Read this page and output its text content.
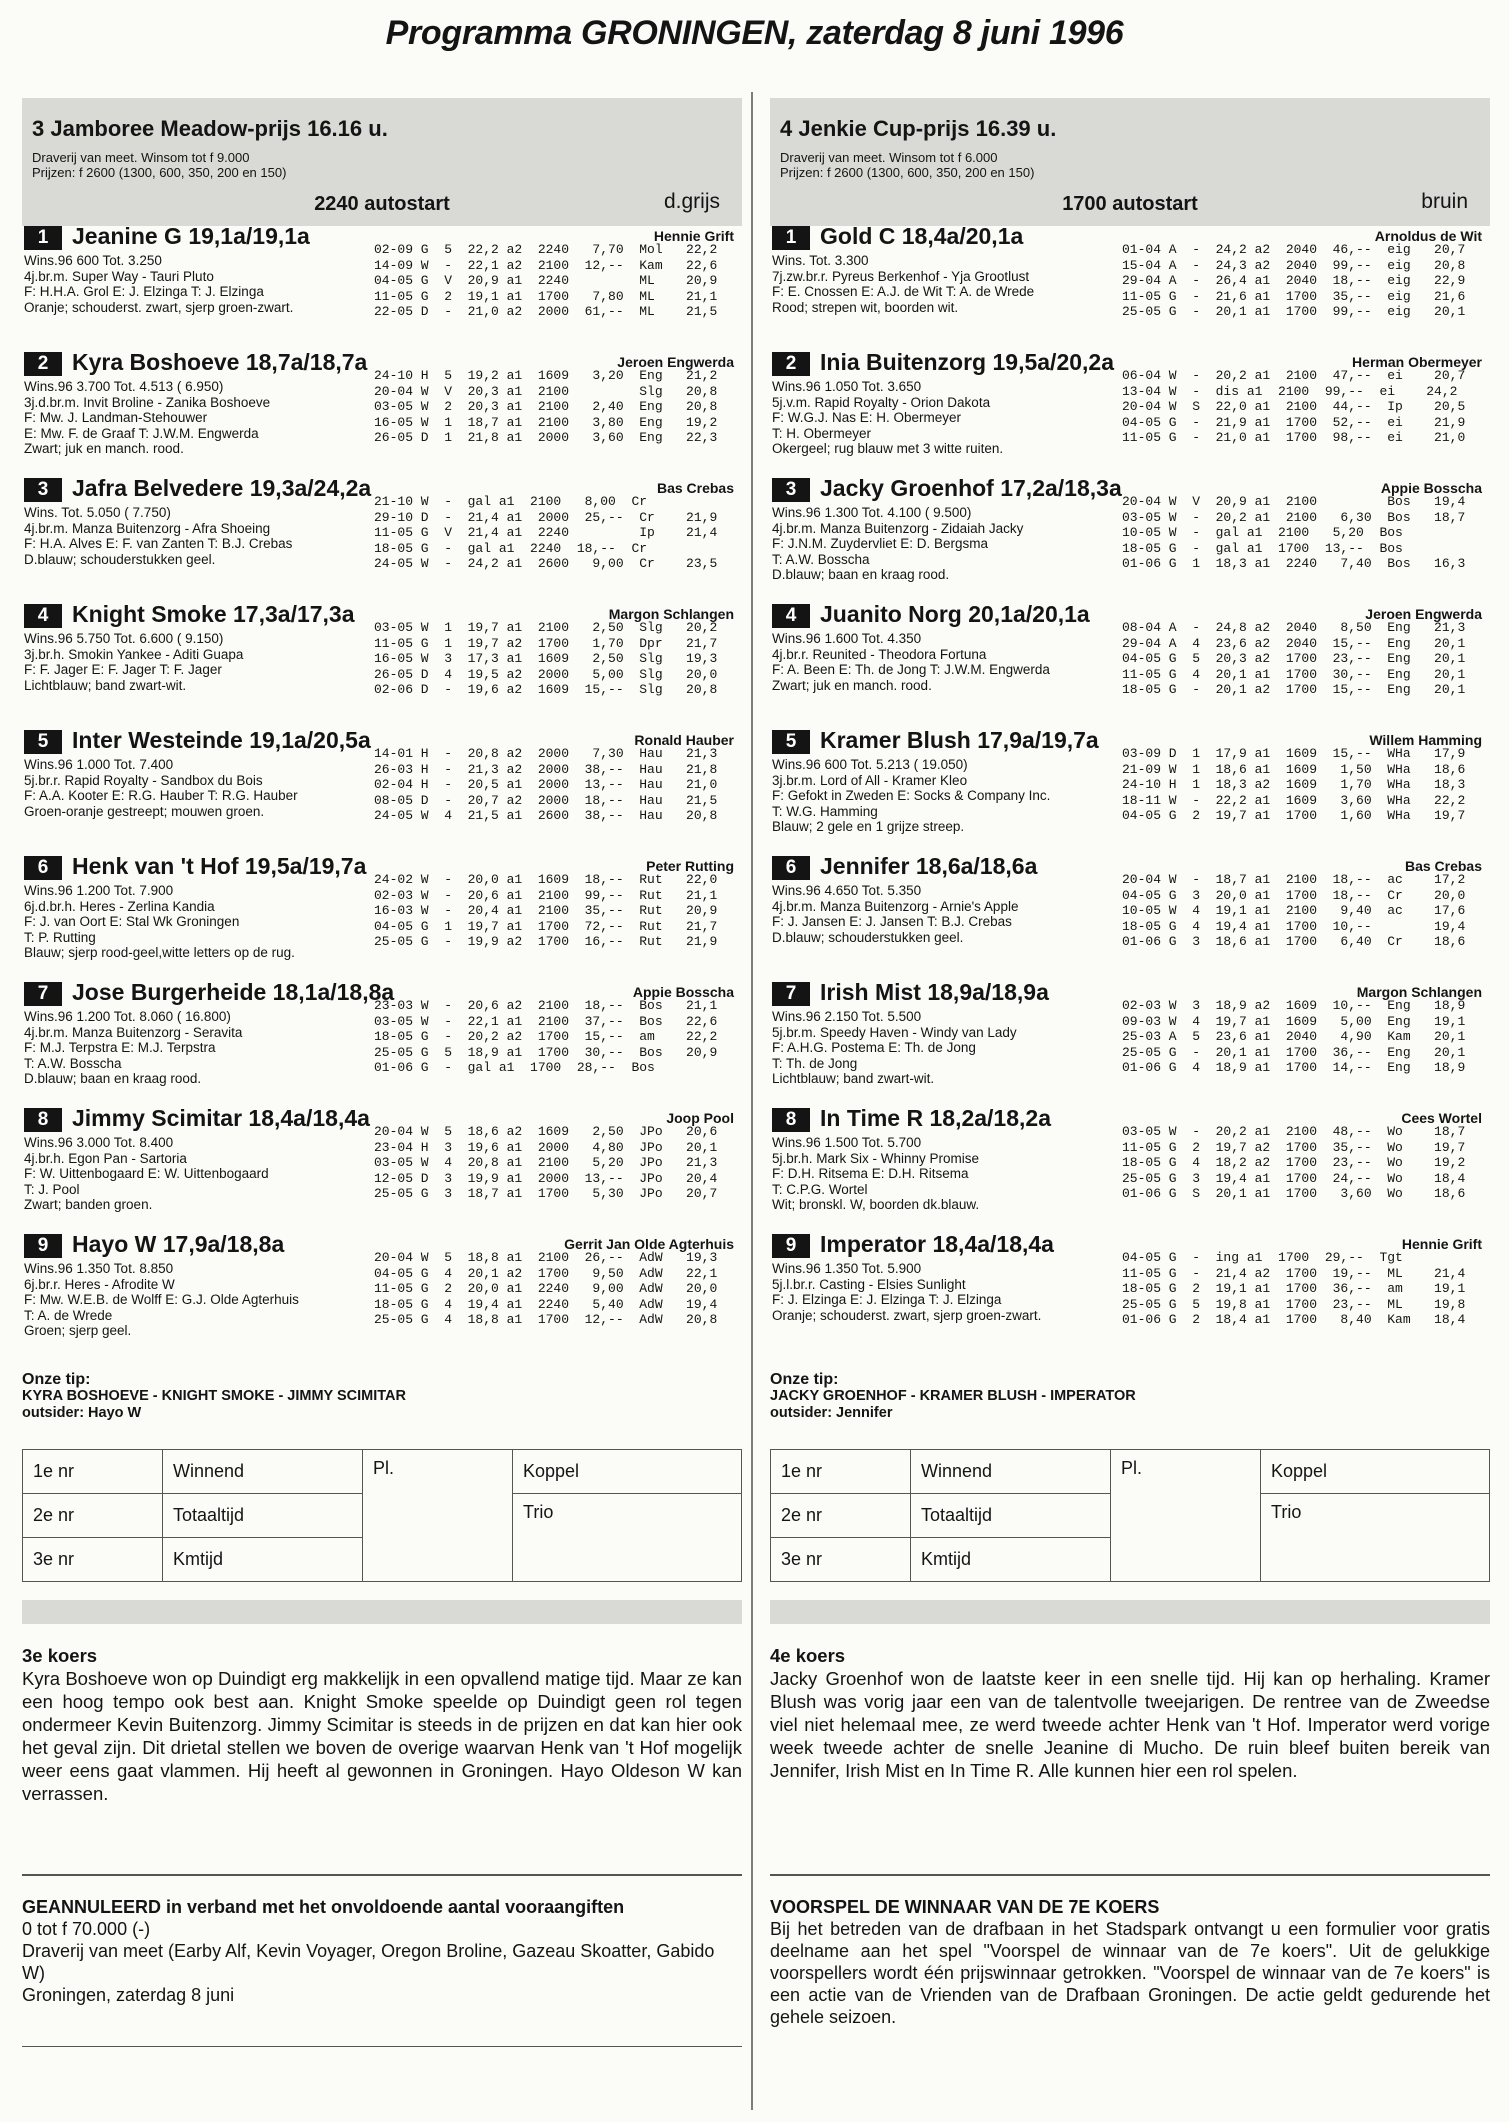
Programma GRONINGEN, zaterdag 8 juni 1996
3 Jamboree Meadow-prijs 16.16 u.
Draverij van meet. Winsom tot f 9.000
Prijzen: f 2600 (1300, 600, 350, 200 en 150)
2240 autostart	d.grijs
1	Jeanine G 19,1a/19,1a	Hennie Grift
Wins.96 600 Tot. 3.250
4j.br.m. Super Way - Tauri Pluto
F: H.H.A. Grol E: J. Elzinga T: J. Elzinga
Oranje; schouderst. zwart, sjerp groen-zwart.
02-09 G  5  22,2 a2  2240   7,70  Mol   22,2
14-09 W  -  22,1 a2  2100  12,--  Kam   22,6
04-05 G  V  20,9 a1  2240         ML    20,9
11-05 G  2  19,1 a1  1700   7,80  ML    21,1
22-05 D  -  21,0 a2  2000  61,--  ML    21,5
2	Kyra Boshoeve 18,7a/18,7a	Jeroen Engwerda
Wins.96 3.700 Tot. 4.513 ( 6.950)
3j.d.br.m. Invit Broline - Zanika Boshoeve
F: Mw. J. Landman-Stehouwer
E: Mw. F. de Graaf T: J.W.M. Engwerda
Zwart; juk en manch. rood.
24-10 H  5  19,2 a1  1609   3,20  Eng   21,2
20-04 W  V  20,3 a1  2100         Slg   20,8
03-05 W  2  20,3 a1  2100   2,40  Eng   20,8
16-05 W  1  18,7 a1  2100   3,80  Eng   19,2
26-05 D  1  21,8 a1  2000   3,60  Eng   22,3
3	Jafra Belvedere 19,3a/24,2a	Bas Crebas
Wins. Tot. 5.050 ( 7.750)
4j.br.m. Manza Buitenzorg - Afra Shoeing
F: H.A. Alves E: F. van Zanten T: B.J. Crebas
D.blauw; schouderstukken geel.
21-10 W  -  gal a1  2100   8,00  Cr
29-10 D  -  21,4 a1  2000  25,--  Cr    21,9
11-05 G  V  21,4 a1  2240         Ip    21,4
18-05 G  -  gal a1  2240  18,--  Cr
24-05 W  -  24,2 a1  2600   9,00  Cr    23,5
4	Knight Smoke 17,3a/17,3a	Margon Schlangen
Wins.96 5.750 Tot. 6.600 ( 9.150)
3j.br.h. Smokin Yankee - Aditi Guapa
F: F. Jager E: F. Jager T: F. Jager
Lichtblauw; band zwart-wit.
03-05 W  1  19,7 a1  2100   2,50  Slg   20,2
11-05 G  1  19,7 a2  1700   1,70  Dpr   21,7
16-05 W  3  17,3 a1  1609   2,50  Slg   19,3
26-05 D  4  19,5 a2  2000   5,00  Slg   20,0
02-06 D  -  19,6 a2  1609  15,--  Slg   20,8
5	Inter Westeinde 19,1a/20,5a	Ronald Hauber
Wins.96 1.000 Tot. 7.400
5j.br.r. Rapid Royalty - Sandbox du Bois
F: A.A. Kooter E: R.G. Hauber T: R.G. Hauber
Groen-oranje gestreept; mouwen groen.
14-01 H  -  20,8 a2  2000   7,30  Hau   21,3
26-03 H  -  21,3 a2  2000  38,--  Hau   21,8
02-04 H  -  20,5 a1  2000  13,--  Hau   21,0
08-05 D  -  20,7 a2  2000  18,--  Hau   21,5
24-05 W  4  21,5 a1  2600  38,--  Hau   20,8
6	Henk van 't Hof 19,5a/19,7a	Peter Rutting
Wins.96 1.200 Tot. 7.900
6j.d.br.h. Heres - Zerlina Kandia
F: J. van Oort E: Stal Wk Groningen
T: P. Rutting
Blauw; sjerp rood-geel,witte letters op de rug.
24-02 W  -  20,0 a1  1609  18,--  Rut   22,0
02-03 W  -  20,6 a1  2100  99,--  Rut   21,1
16-03 W  -  20,4 a1  2100  35,--  Rut   20,9
04-05 G  1  19,7 a1  1700  72,--  Rut   21,7
25-05 G  -  19,9 a2  1700  16,--  Rut   21,9
7	Jose Burgerheide 18,1a/18,8a	Appie Bosscha
Wins.96 1.200 Tot. 8.060 ( 16.800)
4j.br.m. Manza Buitenzorg - Seravita
F: M.J. Terpstra E: M.J. Terpstra
T: A.W. Bosscha
D.blauw; baan en kraag rood.
23-03 W  -  20,6 a2  2100  18,--  Bos   21,1
03-05 W  -  22,1 a1  2100  37,--  Bos   22,6
18-05 G  -  20,2 a2  1700  15,--  am    22,2
25-05 G  5  18,9 a1  1700  30,--  Bos   20,9
01-06 G  -  gal a1  1700  28,--  Bos
8	Jimmy Scimitar 18,4a/18,4a	Joop Pool
Wins.96 3.000 Tot. 8.400
4j.br.h. Egon Pan - Sartoria
F: W. Uittenbogaard E: W. Uittenbogaard
T: J. Pool
Zwart; banden groen.
20-04 W  5  18,6 a2  1609   2,50  JPo   20,6
23-04 H  3  19,6 a1  2000   4,80  JPo   20,1
03-05 W  4  20,8 a1  2100   5,20  JPo   21,3
12-05 D  3  19,9 a1  2000  13,--  JPo   20,4
25-05 G  3  18,7 a1  1700   5,30  JPo   20,7
9	Hayo W 17,9a/18,8a	Gerrit Jan Olde Agterhuis
Wins.96 1.350 Tot. 8.850
6j.br.r. Heres - Afrodite W
F: Mw. W.E.B. de Wolff E: G.J. Olde Agterhuis
T: A. de Wrede
Groen; sjerp geel.
20-04 W  5  18,8 a1  2100  26,--  AdW   19,3
04-05 G  4  20,1 a2  1700   9,50  AdW   22,1
11-05 G  2  20,0 a1  2240   9,00  AdW   20,0
18-05 G  4  19,4 a1  2240   5,40  AdW   19,4
25-05 G  4  18,8 a1  1700  12,--  AdW   20,8
Onze tip:
KYRA BOSHOEVE - KNIGHT SMOKE - JIMMY SCIMITAR
outsider: Hayo W
1e nr	Winnend	Pl.	Koppel
2e nr	Totaaltijd		Trio
3e nr	Kmtijd		
3e koers

Kyra Boshoeve won op Duindigt erg makkelijk in een opvallend matige tijd. Maar ze kan een hoog tempo ook best aan. Knight Smoke speelde op Duindigt geen rol tegen ondermeer Kevin Buitenzorg. Jimmy Scimitar is steeds in de prijzen en dat kan hier ook het geval zijn. Dit drietal stellen we boven de overige waarvan Henk van 't Hof mogelijk weer eens gaat vlammen. Hij heeft al gewonnen in Groningen. Hayo Oldeson W kan verrassen.

GEANNULEERD in verband met het onvoldoende aantal vooraangiften
0 tot f 70.000 (-)
Draverij van meet (Earby Alf, Kevin Voyager, Oregon Broline, Gazeau Skoatter, Gabido W)
Groningen, zaterdag 8 juni
4 Jenkie Cup-prijs 16.39 u.
Draverij van meet. Winsom tot f 6.000
Prijzen: f 2600 (1300, 600, 350, 200 en 150)
1700 autostart	bruin
1	Gold C 18,4a/20,1a	Arnoldus de Wit
Wins. Tot. 3.300
7j.zw.br.r. Pyreus Berkenhof - Yja Grootlust
F: E. Cnossen E: A.J. de Wit T: A. de Wrede
Rood; strepen wit, boorden wit.
01-04 A  -  24,2 a2  2040  46,--  eig   20,7
15-04 A  -  24,3 a2  2040  99,--  eig   20,8
29-04 A  -  26,4 a1  2040  18,--  eig   22,9
11-05 G  -  21,6 a1  1700  35,--  eig   21,6
25-05 G  -  20,1 a1  1700  99,--  eig   20,1
2	Inia Buitenzorg 19,5a/20,2a	Herman Obermeyer
Wins.96 1.050 Tot. 3.650
5j.v.m. Rapid Royalty - Orion Dakota
F: W.G.J. Nas E: H. Obermeyer
T: H. Obermeyer
Okergeel; rug blauw met 3 witte ruiten.
06-04 W  -  20,2 a1  2100  47,--  ei    20,7
13-04 W  -  dis a1  2100  99,--  ei    24,2
20-04 W  S  22,0 a1  2100  44,--  Ip    20,5
04-05 G  -  21,9 a1  1700  52,--  ei    21,9
11-05 G  -  21,0 a1  1700  98,--  ei    21,0
3	Jacky Groenhof 17,2a/18,3a	Appie Bosscha
Wins.96 1.300 Tot. 4.100 ( 9.500)
4j.br.m. Manza Buitenzorg - Zidaiah Jacky
F: J.N.M. Zuydervliet E: D. Bergsma
T: A.W. Bosscha
D.blauw; baan en kraag rood.
20-04 W  V  20,9 a1  2100         Bos   19,4
03-05 W  -  20,2 a1  2100   6,30  Bos   18,7
10-05 W  -  gal a1  2100   5,20  Bos
18-05 G  -  gal a1  1700  13,--  Bos
01-06 G  1  18,3 a1  2240   7,40  Bos   16,3
4	Juanito Norg 20,1a/20,1a	Jeroen Engwerda
Wins.96 1.600 Tot. 4.350
4j.br.r. Reunited - Theodora Fortuna
F: A. Been E: Th. de Jong T: J.W.M. Engwerda
Zwart; juk en manch. rood.
08-04 A  -  24,8 a2  2040   8,50  Eng   21,3
29-04 A  4  23,6 a2  2040  15,--  Eng   20,1
04-05 G  5  20,3 a2  1700  23,--  Eng   20,1
11-05 G  4  20,1 a1  1700  30,--  Eng   20,1
18-05 G  -  20,1 a2  1700  15,--  Eng   20,1
5	Kramer Blush 17,9a/19,7a	Willem Hamming
Wins.96 600 Tot. 5.213 ( 19.050)
3j.br.m. Lord of All - Kramer Kleo
F: Gefokt in Zweden E: Socks & Company Inc.
T: W.G. Hamming
Blauw; 2 gele en 1 grijze streep.
03-09 D  1  17,9 a1  1609  15,--  WHa   17,9
21-09 W  1  18,6 a1  1609   1,50  WHa   18,6
24-10 H  1  18,3 a2  1609   1,70  WHa   18,3
18-11 W  -  22,2 a1  1609   3,60  WHa   22,2
04-05 G  2  19,7 a1  1700   1,60  WHa   19,7
6	Jennifer 18,6a/18,6a	Bas Crebas
Wins.96 4.650 Tot. 5.350
4j.br.m. Manza Buitenzorg - Arnie's Apple
F: J. Jansen E: J. Jansen T: B.J. Crebas
D.blauw; schouderstukken geel.
20-04 W  -  18,7 a1  2100  18,--  ac    17,2
04-05 G  3  20,0 a1  1700  18,--  Cr    20,0
10-05 W  4  19,1 a1  2100   9,40  ac    17,6
18-05 G  4  19,4 a1  1700  10,--        19,4
01-06 G  3  18,6 a1  1700   6,40  Cr    18,6
7	Irish Mist 18,9a/18,9a	Margon Schlangen
Wins.96 2.150 Tot. 5.500
5j.br.m. Speedy Haven - Windy van Lady
F: A.H.G. Postema E: Th. de Jong
T: Th. de Jong
Lichtblauw; band zwart-wit.
02-03 W  3  18,9 a2  1609  10,--  Eng   18,9
09-03 W  4  19,7 a1  1609   5,00  Eng   19,1
25-03 A  5  23,6 a1  2040   4,90  Kam   20,1
25-05 G  -  20,1 a1  1700  36,--  Eng   20,1
01-06 G  4  18,9 a1  1700  14,--  Eng   18,9
8	In Time R 18,2a/18,2a	Cees Wortel
Wins.96 1.500 Tot. 5.700
5j.br.h. Mark Six - Whinny Promise
F: D.H. Ritsema E: D.H. Ritsema
T: C.P.G. Wortel
Wit; bronskl. W, boorden dk.blauw.
03-05 W  -  20,2 a1  2100  48,--  Wo    18,7
11-05 G  2  19,7 a2  1700  35,--  Wo    19,7
18-05 G  4  18,2 a2  1700  23,--  Wo    19,2
25-05 G  3  19,4 a1  1700  24,--  Wo    18,4
01-06 G  S  20,1 a1  1700   3,60  Wo    18,6
9	Imperator 18,4a/18,4a	Hennie Grift
Wins.96 1.350 Tot. 5.900
5j.l.br.r. Casting - Elsies Sunlight
F: J. Elzinga E: J. Elzinga T: J. Elzinga
Oranje; schouderst. zwart, sjerp groen-zwart.
04-05 G  -  ing a1  1700  29,--  Tgt
11-05 G  -  21,4 a2  1700  19,--  ML    21,4
18-05 G  2  19,1 a1  1700  36,--  am    19,1
25-05 G  5  19,8 a1  1700  23,--  ML    19,8
01-06 G  2  18,4 a1  1700   8,40  Kam   18,4
Onze tip:
JACKY GROENHOF - KRAMER BLUSH - IMPERATOR
outsider: Jennifer
1e nr	Winnend	Pl.	Koppel
2e nr	Totaaltijd		Trio
3e nr	Kmtijd		
4e koers

Jacky Groenhof won de laatste keer in een snelle tijd. Hij kan op herhaling. Kramer Blush was vorig jaar een van de talentvolle tweejarigen. De rentree van de Zweedse viel niet helemaal mee, ze werd tweede achter Henk van 't Hof. Imperator werd vorige week tweede achter de snelle Jeanine di Mucho. De ruin bleef buiten bereik van Jennifer, Irish Mist en In Time R. Alle kunnen hier een rol spelen.

VOORSPEL DE WINNAAR VAN DE 7E KOERS

Bij het betreden van de drafbaan in het Stadspark ontvangt u een formulier voor gratis deelname aan het spel "Voorspel de winnaar van de 7e koers". Uit de gelukkige voorspellers wordt één prijswinnaar getrokken. "Voorspel de winnaar van de 7e koers" is een actie van de Vrienden van de Drafbaan Groningen. De actie geldt gedurende het gehele seizoen.
